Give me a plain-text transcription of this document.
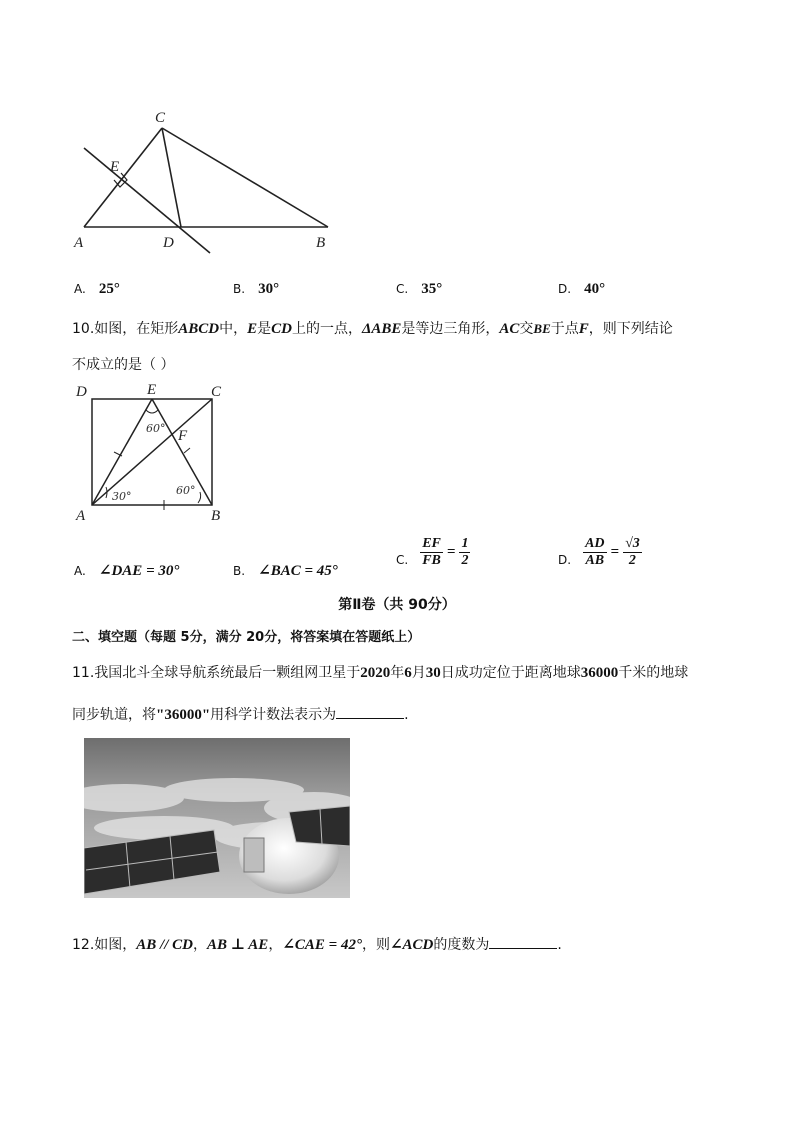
C
E
A	D	B
A. 25°	B. 30°	C. 35°	D. 40°
10.如图，在矩形ABCD中，E是CD上的一点，ΔABE是等边三角形，AC交BE于点F，则下列结论
不成立的是（ ）
D	E	C
F
A	B
60°
30°	60°
A. ∠DAE = 30°	B. ∠BAC = 45°
C. $\frac{EF}{FB} = \frac{1}{2}$	D. $\frac{AD}{AB} = \frac{√3}{2}$
第Ⅱ卷（共 90分）
二、填空题（每题 5分，满分 20分，将答案填在答题纸上）
11.我国北斗全球导航系统最后一颗组网卫星于2020年6月30日成功定位于距离地球36000千米的地球
同步轨道，将"36000"用科学计数法表示为	.
12.如图，AB // CD，AB ⊥ AE，∠CAE = 42°，则∠ACD的度数为	.
